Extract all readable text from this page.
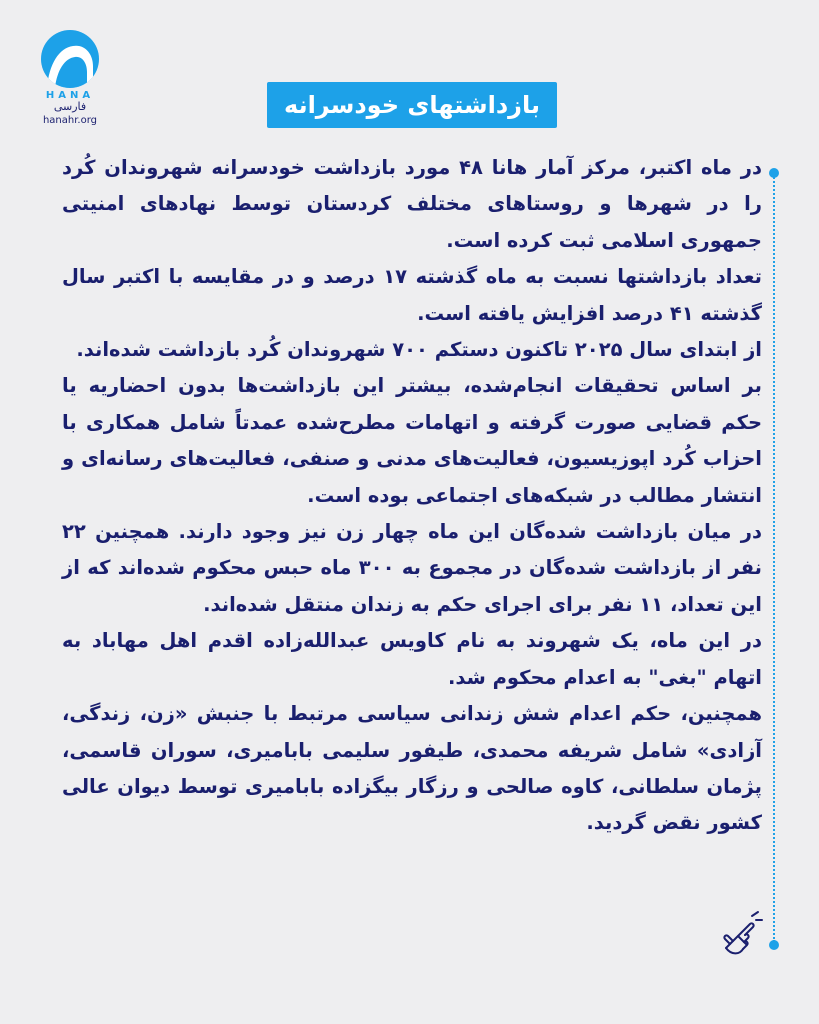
HANA
فارسی
hanahr.org
بازداشتهای خودسرانه

در ماه اکتبر، مرکز آمار هانا ۴۸ مورد بازداشت خودسرانه شهروندان کُرد را در شهرها و روستاهای مختلف کردستان توسط نهادهای امنیتی جمهوری اسلامی ثبت کرده است.

تعداد بازداشتها نسبت به ماه گذشته ۱۷ درصد و در مقایسه با اکتبر سال گذشته ۴۱ درصد افزایش یافته است.

از ابتدای سال ۲۰۲۵ تاکنون دستکم ۷۰۰ شهروندان کُرد بازداشت شده‌اند.

بر اساس تحقیقات انجام‌شده، بیشتر این بازداشت‌ها بدون احضاریه یا حکم قضایی صورت گرفته و اتهامات مطرح‌شده عمدتاً شامل همکاری با احزاب کُرد اپوزیسیون، فعالیت‌های مدنی و صنفی، فعالیت‌های رسانه‌ای و انتشار مطالب در شبکه‌های اجتماعی بوده است.

در میان بازداشت شده‌گان این ماه چهار زن نیز وجود دارند. همچنین ۲۲ نفر از بازداشت شده‌گان در مجموع به ۳۰۰ ماه حبس محکوم شده‌اند که از این تعداد، ۱۱ نفر برای اجرای حکم به زندان منتقل شده‌اند.

در این ماه، یک شهروند به نام کاویس عبدالله‌زاده اقدم اهل مهاباد به اتهام "بغی" به اعدام محکوم شد.

همچنین، حکم اعدام شش زندانی سیاسی مرتبط با جنبش «زن، زندگی، آزادی» شامل شریفه محمدی، طیفور سلیمی بابامیری، سوران قاسمی، پژمان سلطانی، کاوه صالحی و رزگار بیگزاده بابامیری توسط دیوان عالی کشور نقض گردید.
